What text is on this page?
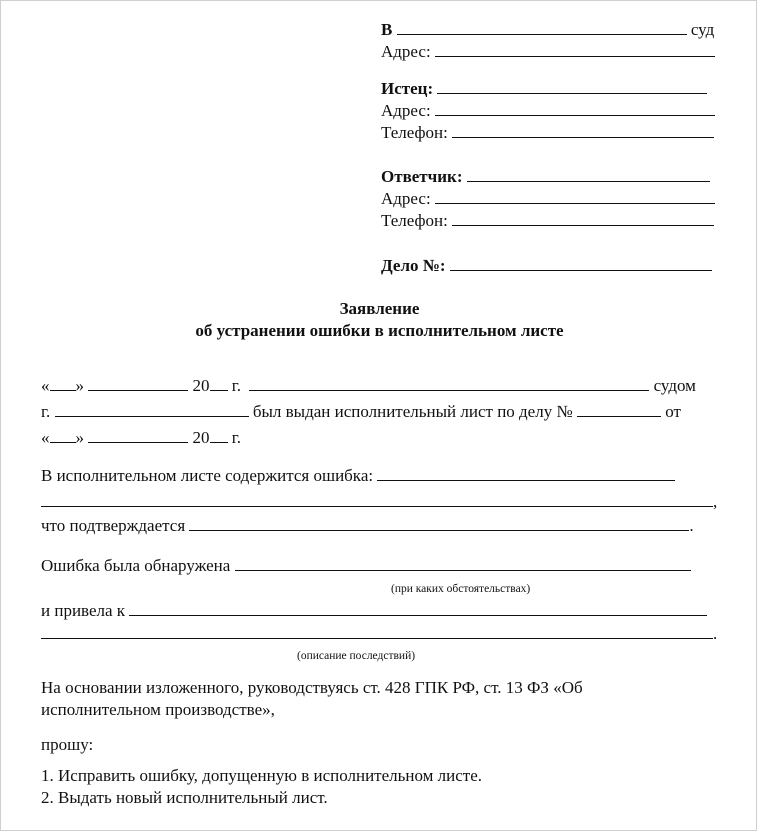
В	суд
Адрес:
Истец:
Адрес:
Телефон:
Ответчик:
Адрес:
Телефон:
Дело №:
Заявление
об устранении ошибки в исполнительном листе
« »	20 г.	судом
г.	был выдан исполнительный лист по делу №	от
« »	20 г.
В исполнительном листе содержится ошибка:
,
что подтверждается	.
Ошибка была обнаружена
(при каких обстоятельствах)
и привела к
.
(описание последствий)
На основании изложенного, руководствуясь ст. 428 ГПК РФ, ст. 13 ФЗ «Об
исполнительном производстве»,
прошу:
1. Исправить ошибку, допущенную в исполнительном листе.
2. Выдать новый исполнительный лист.
